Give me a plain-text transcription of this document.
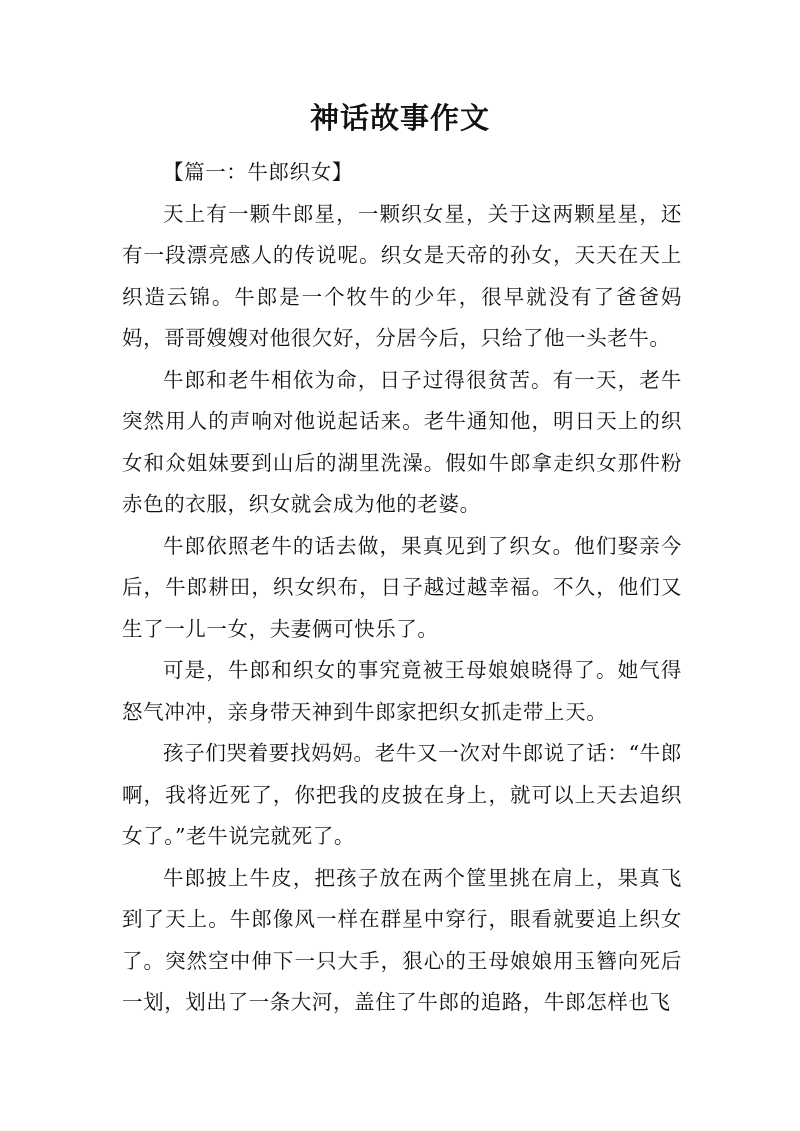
神话故事作文

【篇一：牛郎织女】

天上有一颗牛郎星，一颗织女星，关于这两颗星星，还有一段漂亮感人的传说呢。织女是天帝的孙女，天天在天上织造云锦。牛郎是一个牧牛的少年，很早就没有了爸爸妈妈，哥哥嫂嫂对他很欠好，分居今后，只给了他一头老牛。

牛郎和老牛相依为命，日子过得很贫苦。有一天，老牛突然用人的声响对他说起话来。老牛通知他，明日天上的织女和众姐妹要到山后的湖里洗澡。假如牛郎拿走织女那件粉赤色的衣服，织女就会成为他的老婆。

牛郎依照老牛的话去做，果真见到了织女。他们娶亲今后，牛郎耕田，织女织布，日子越过越幸福。不久，他们又生了一儿一女，夫妻俩可快乐了。

可是，牛郎和织女的事究竟被王母娘娘晓得了。她气得怒气冲冲，亲身带天神到牛郎家把织女抓走带上天。

孩子们哭着要找妈妈。老牛又一次对牛郎说了话：“牛郎啊，我将近死了，你把我的皮披在身上，就可以上天去追织女了。”老牛说完就死了。

牛郎披上牛皮，把孩子放在两个筐里挑在肩上，果真飞到了天上。牛郎像风一样在群星中穿行，眼看就要追上织女了。突然空中伸下一只大手，狠心的王母娘娘用玉簪向死后一划，划出了一条大河，盖住了牛郎的追路，牛郎怎样也飞
